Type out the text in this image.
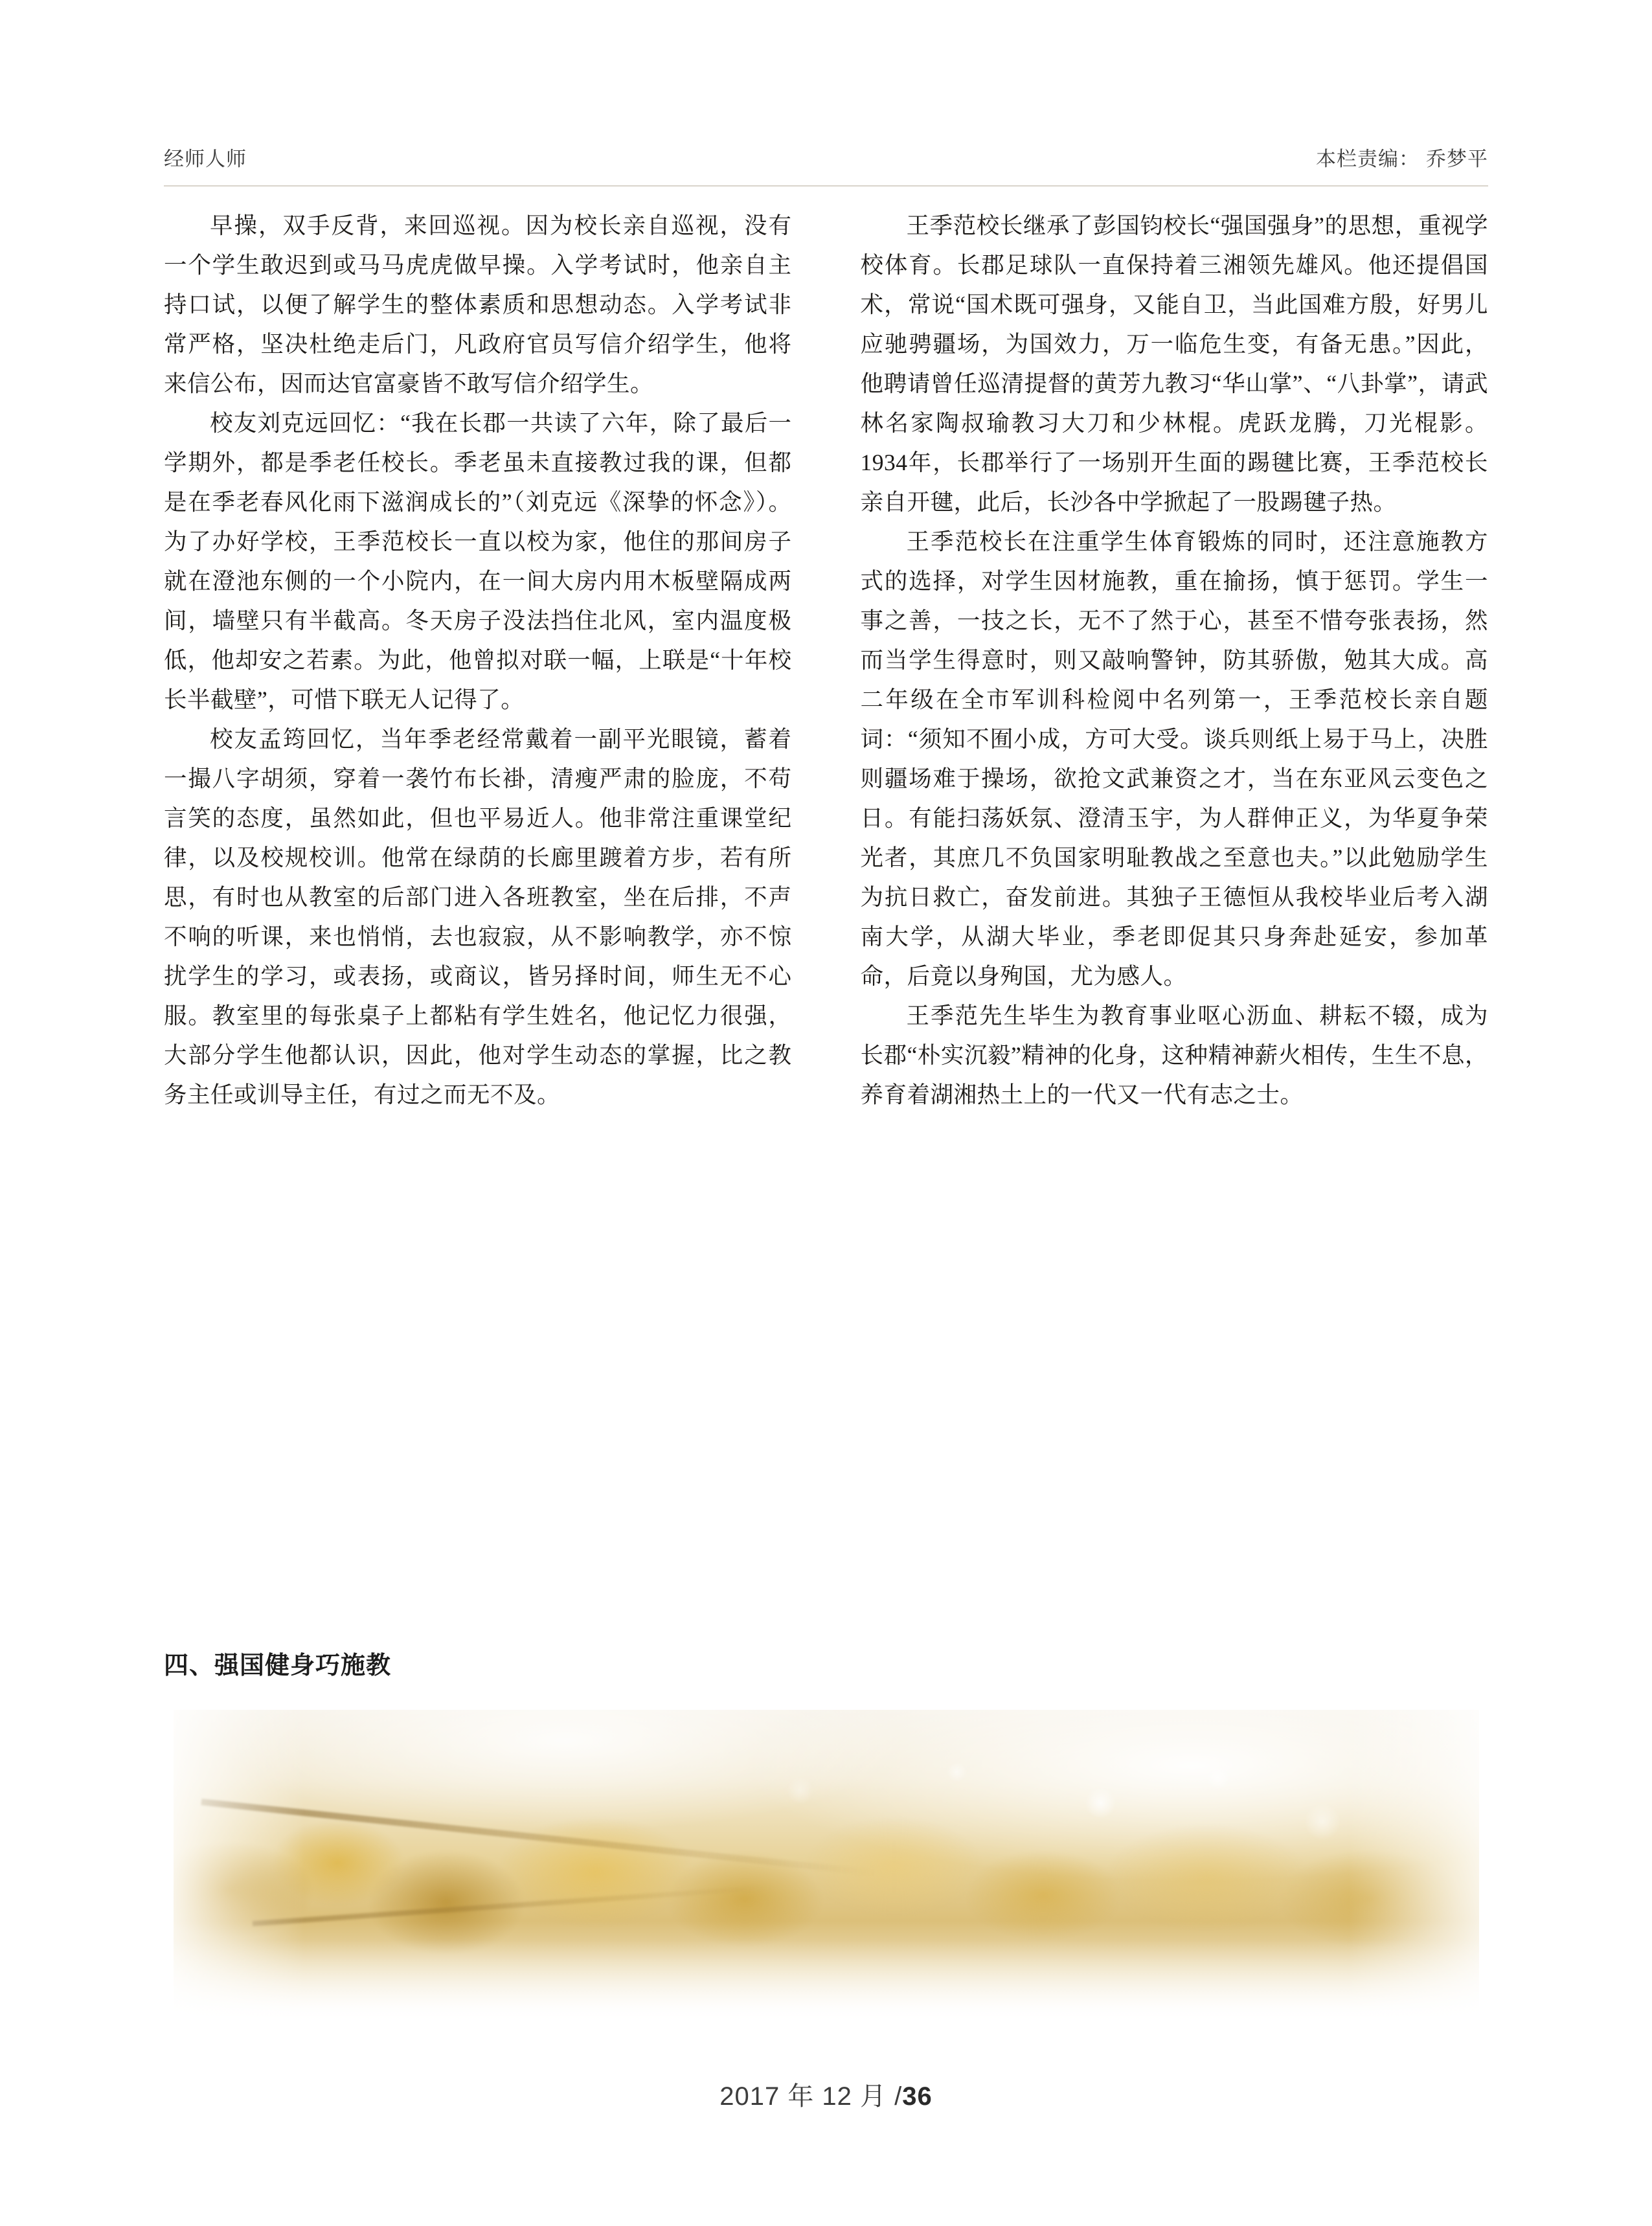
经师人师	本栏责编： 乔梦平

早操，双手反背，来回巡视。因为校长亲自巡视，没有一个学生敢迟到或马马虎虎做早操。入学考试时，他亲自主持口试，以便了解学生的整体素质和思想动态。入学考试非常严格，坚决杜绝走后门，凡政府官员写信介绍学生，他将来信公布，因而达官富豪皆不敢写信介绍学生。

校友刘克远回忆：“我在长郡一共读了六年，除了最后一学期外，都是季老任校长。季老虽未直接教过我的课，但都是在季老春风化雨下滋润成长的”（刘克远《深挚的怀念》）。为了办好学校，王季范校长一直以校为家，他住的那间房子就在澄池东侧的一个小院内，在一间大房内用木板壁隔成两间，墙壁只有半截高。冬天房子没法挡住北风，室内温度极低，他却安之若素。为此，他曾拟对联一幅，上联是“十年校长半截壁”，可惜下联无人记得了。

校友孟筠回忆，当年季老经常戴着一副平光眼镜，蓄着一撮八字胡须，穿着一袭竹布长褂，清瘦严肃的脸庞，不苟言笑的态度，虽然如此，但也平易近人。他非常注重课堂纪律，以及校规校训。他常在绿荫的长廊里踱着方步，若有所思，有时也从教室的后部门进入各班教室，坐在后排，不声不响的听课，来也悄悄，去也寂寂，从不影响教学，亦不惊扰学生的学习，或表扬，或商议，皆另择时间，师生无不心服。教室里的每张桌子上都粘有学生姓名，他记忆力很强，大部分学生他都认识，因此，他对学生动态的掌握，比之教务主任或训导主任，有过之而无不及。

王季范校长继承了彭国钧校长“强国强身”的思想，重视学校体育。长郡足球队一直保持着三湘领先雄风。他还提倡国术，常说“国术既可强身，又能自卫，当此国难方殷，好男儿应驰骋疆场，为国效力，万一临危生变，有备无患。”因此，他聘请曾任巡清提督的黄芳九教习“华山掌”、“八卦掌”，请武林名家陶叔瑜教习大刀和少林棍。虎跃龙腾，刀光棍影。1934年，长郡举行了一场别开生面的踢毽比赛，王季范校长亲自开毽，此后，长沙各中学掀起了一股踢毽子热。

王季范校长在注重学生体育锻炼的同时，还注意施教方式的选择，对学生因材施教，重在揄扬，慎于惩罚。学生一事之善，一技之长，无不了然于心，甚至不惜夸张表扬，然而当学生得意时，则又敲响警钟，防其骄傲，勉其大成。高二年级在全市军训科检阅中名列第一，王季范校长亲自题词：“须知不囿小成，方可大受。谈兵则纸上易于马上，决胜则疆场难于操场，欲抢文武兼资之才，当在东亚风云变色之日。有能扫荡妖氛、澄清玉宇，为人群伸正义，为华夏争荣光者，其庶几不负国家明耻教战之至意也夫。”以此勉励学生为抗日救亡，奋发前进。其独子王德恒从我校毕业后考入湖南大学，从湖大毕业，季老即促其只身奔赴延安，参加革命，后竟以身殉国，尤为感人。

王季范先生毕生为教育事业呕心沥血、耕耘不辍，成为长郡“朴实沉毅”精神的化身，这种精神薪火相传，生生不息，养育着湖湘热土上的一代又一代有志之士。

四、强国健身巧施教
2017 年 12 月 /36
